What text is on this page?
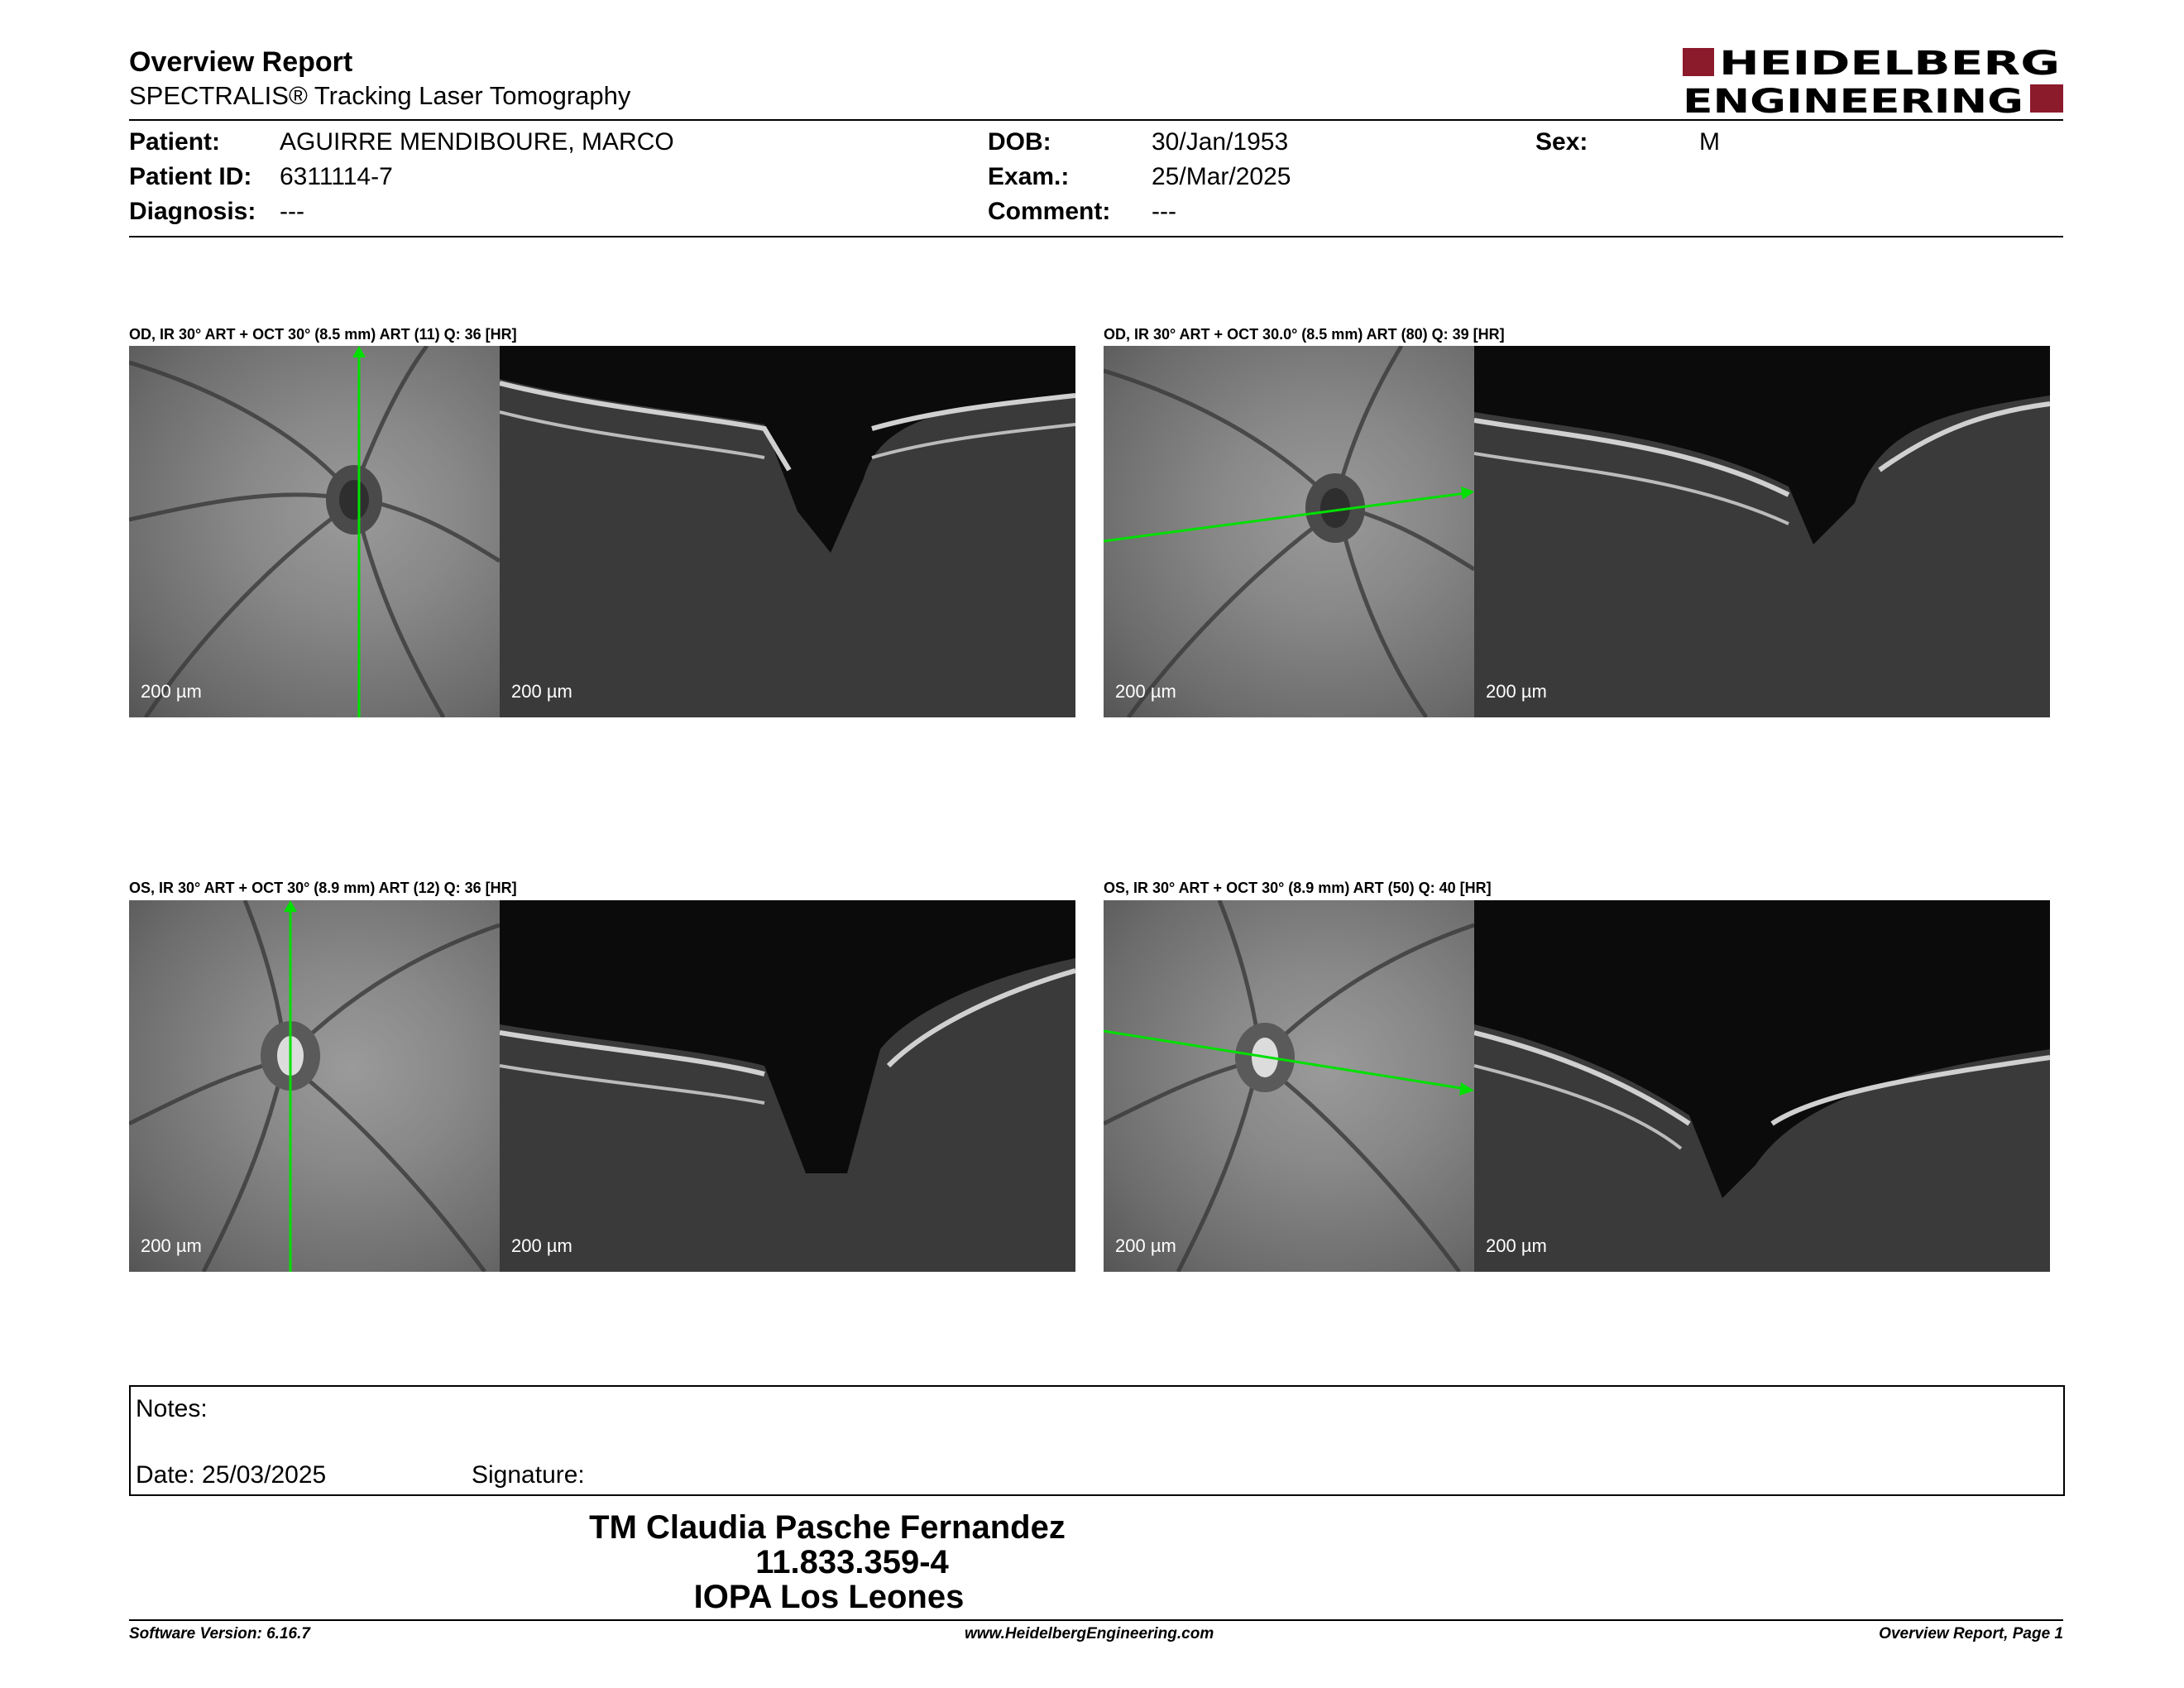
Overview Report
SPECTRALIS® Tracking Laser Tomography
HEIDELBERG
ENGINEERING
Patient: AGUIRRE MENDIBOURE, MARCO
Patient ID: 6311114-7
Diagnosis: ---
DOB:	30/Jan/1953
Exam.:	25/Mar/2025
Comment: ---
Sex:	M
OD, IR 30° ART + OCT 30° (8.5 mm) ART (11) Q: 36 [HR]
200 µm	200 µm
OD, IR 30° ART + OCT 30.0° (8.5 mm) ART (80) Q: 39 [HR]
200 µm	200 µm
OS, IR 30° ART + OCT 30° (8.9 mm) ART (12) Q: 36 [HR]
200 µm	200 µm
OS, IR 30° ART + OCT 30° (8.9 mm) ART (50) Q: 40 [HR]
200 µm	200 µm
Notes:
Date: 25/03/2025	Signature:
TM Claudia Pasche Fernandez
11.833.359-4
IOPA Los Leones
Software Version: 6.16.7	www.HeidelbergEngineering.com	Overview Report, Page 1
